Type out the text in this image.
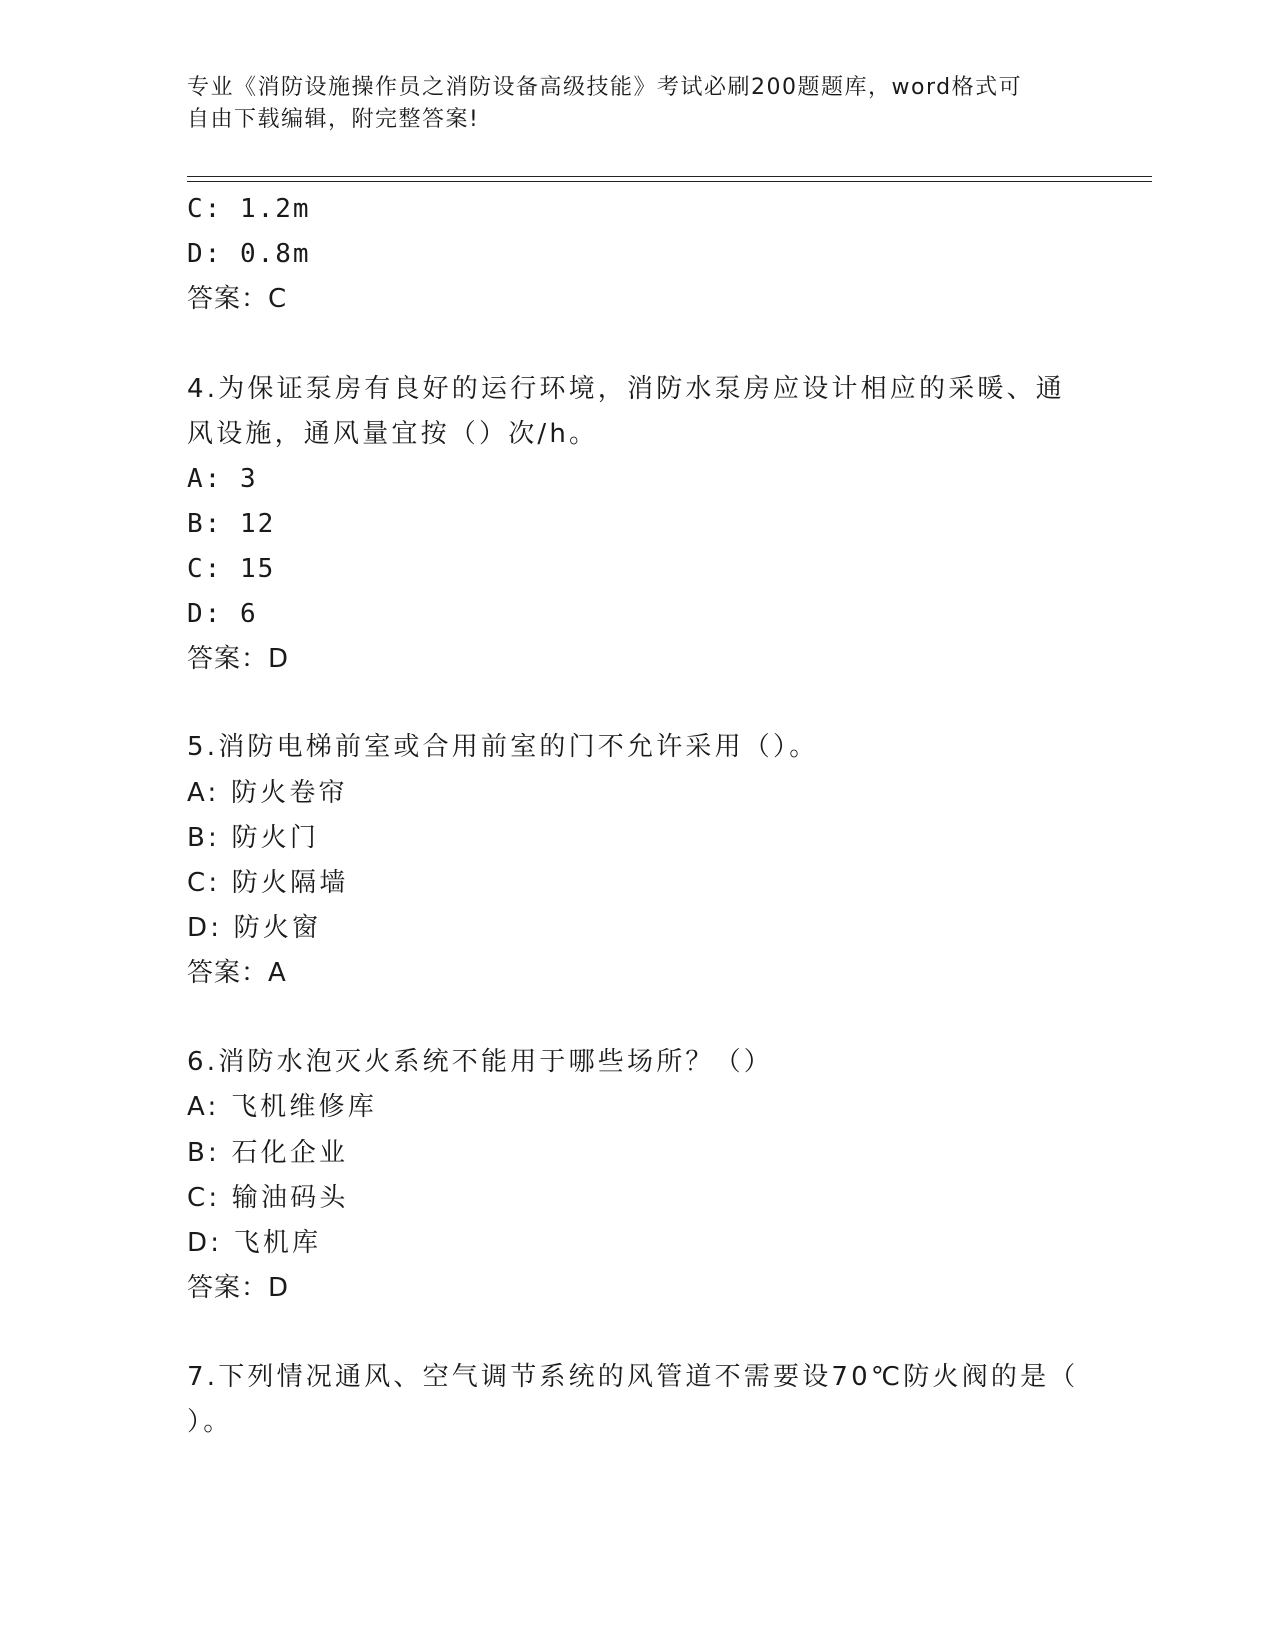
专业《消防设施操作员之消防设备高级技能》考试必刷200题题库，word格式可
自由下载编辑，附完整答案!
C: 1.2m
D: 0.8m
答案：C
4.为保证泵房有良好的运行环境，消防水泵房应设计相应的采暖、通
风设施，通风量宜按（）次/h。
A: 3
B: 12
C: 15
D: 6
答案：D
5.消防电梯前室或合用前室的门不允许采用（）。
A: 防火卷帘
B: 防火门
C: 防火隔墙
D: 防火窗
答案：A
6.消防水泡灭火系统不能用于哪些场所？（）
A: 飞机维修库
B: 石化企业
C: 输油码头
D: 飞机库
答案：D
7.下列情况通风、空气调节系统的风管道不需要设70℃防火阀的是（
）。
